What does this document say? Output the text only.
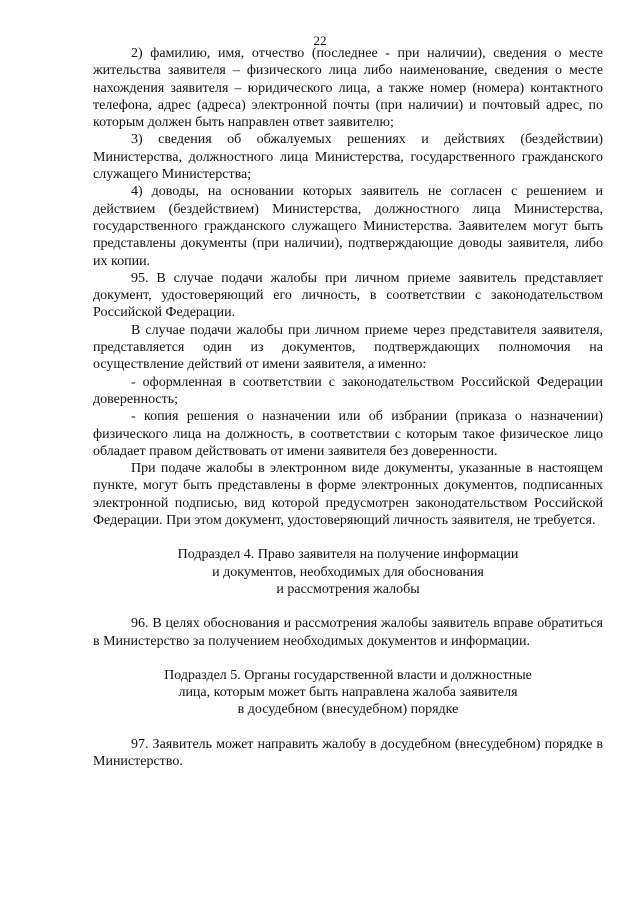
22

2) фамилию, имя, отчество (последнее - при наличии), сведения о месте жительства заявителя – физического лица либо наименование, сведения о месте нахождения заявителя – юридического лица, а также номер (номера) контактного телефона, адрес (адреса) электронной почты (при наличии) и почтовый адрес, по которым должен быть направлен ответ заявителю;

3) сведения об обжалуемых решениях и действиях (бездействии) Министерства, должностного лица Министерства, государственного гражданского служащего Министерства;

4) доводы, на основании которых заявитель не согласен с решением и действием (бездействием) Министерства, должностного лица Министерства, государственного гражданского служащего Министерства. Заявителем могут быть представлены документы (при наличии), подтверждающие доводы заявителя, либо их копии.

95. В случае подачи жалобы при личном приеме заявитель представляет документ, удостоверяющий его личность, в соответствии с законодательством Российской Федерации.

В случае подачи жалобы при личном приеме через представителя заявителя, представляется один из документов, подтверждающих полномочия на осуществление действий от имени заявителя, а именно:

- оформленная в соответствии с законодательством Российской Федерации доверенность;

- копия решения о назначении или об избрании (приказа о назначении) физического лица на должность, в соответствии с которым такое физическое лицо обладает правом действовать от имени заявителя без доверенности.

При подаче жалобы в электронном виде документы, указанные в настоящем пункте, могут быть представлены в форме электронных документов, подписанных электронной подписью, вид которой предусмотрен законодательством Российской Федерации. При этом документ, удостоверяющий личность заявителя, не требуется.

Подраздел 4. Право заявителя на получение информации
и документов, необходимых для обоснования
и рассмотрения жалобы

96. В целях обоснования и рассмотрения жалобы заявитель вправе обратиться в Министерство за получением необходимых документов и информации.

Подраздел 5. Органы государственной власти и должностные
лица, которым может быть направлена жалоба заявителя
в досудебном (внесудебном) порядке

97. Заявитель может направить жалобу в досудебном (внесудебном) порядке в Министерство.
